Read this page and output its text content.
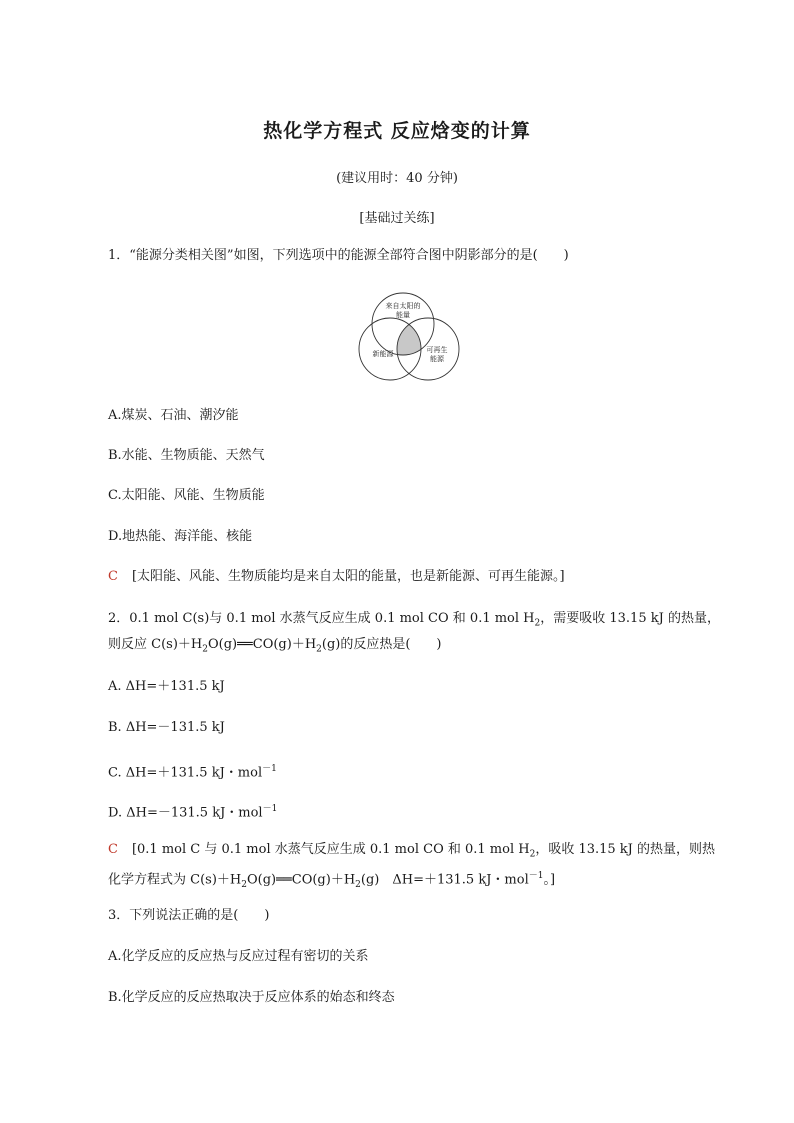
热化学方程式 反应焓变的计算
(建议用时：40 分钟)
[基础过关练]
1．“能源分类相关图”如图，下列选项中的能源全部符合图中阴影部分的是(　　)
来自太阳的
能量
新能源	可再生
能源
A.煤炭、石油、潮汐能
B.水能、生物质能、天然气
C.太阳能、风能、生物质能
D.地热能、海洋能、核能
C [太阳能、风能、生物质能均是来自太阳的能量，也是新能源、可再生能源。]
2．0.1 mol C(s)与 0.1 mol 水蒸气反应生成 0.1 mol CO 和 0.1 mol $H_2$，需要吸收 13.15 kJ 的热量，
则反应 $C(s)+H_2O(g)══CO(g)+H_2(g)$的反应热是(　　)
A. ΔH=＋131.5 kJ
B. ΔH=－131.5 kJ
C. ΔH=＋131.5 kJ・mol$^{-1}$
D. ΔH=－131.5 kJ・mol$^{-1}$
C [0.1 mol C 与 0.1 mol 水蒸气反应生成 0.1 mol CO 和 0.1 mol $H_2$，吸收 13.15 kJ 的热量，则热
化学方程式为 $C(s)+H_2O(g)══CO(g)+H_2(g)$　ΔH=＋131.5 kJ・mol$^{-1}$。]
3．下列说法正确的是(　　)
A.化学反应的反应热与反应过程有密切的关系
B.化学反应的反应热取决于反应体系的始态和终态
